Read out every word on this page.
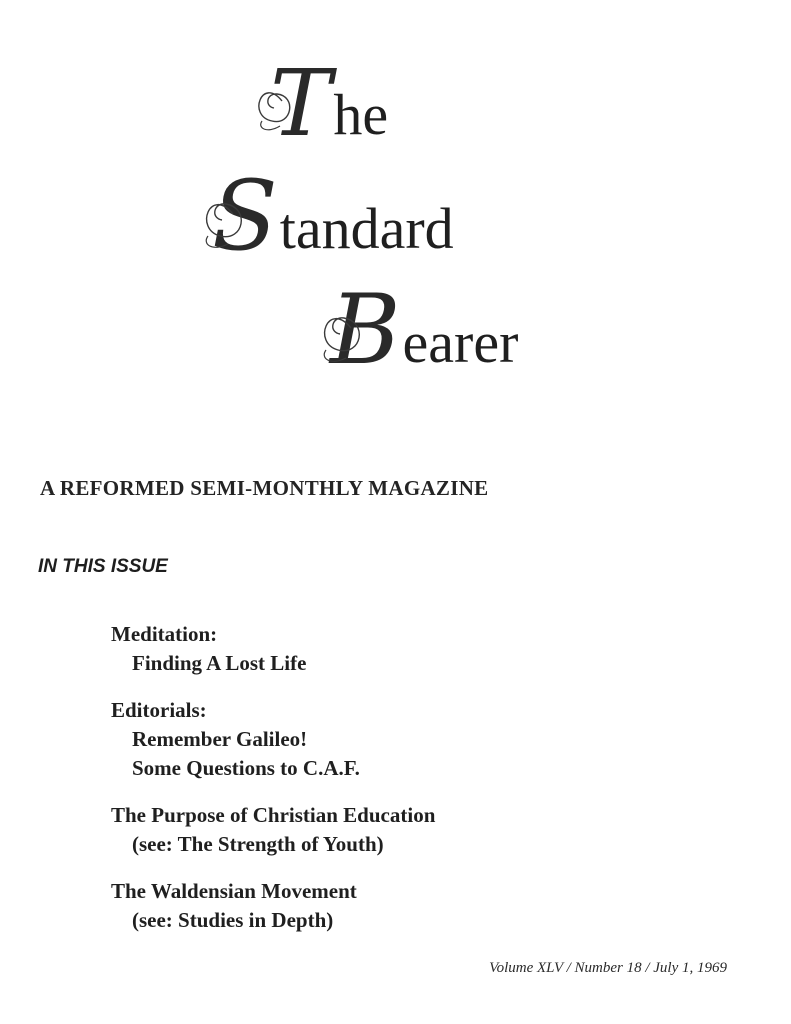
T he
S tandard
B earer
A REFORMED SEMI-MONTHLY MAGAZINE
IN THIS ISSUE
Meditation:
Finding A Lost Life
Editorials:
Remember Galileo!
Some Questions to C.A.F.
The Purpose of Christian Education
(see: The Strength of Youth)
The Waldensian Movement
(see: Studies in Depth)
Volume XLV / Number 18 / July 1, 1969
